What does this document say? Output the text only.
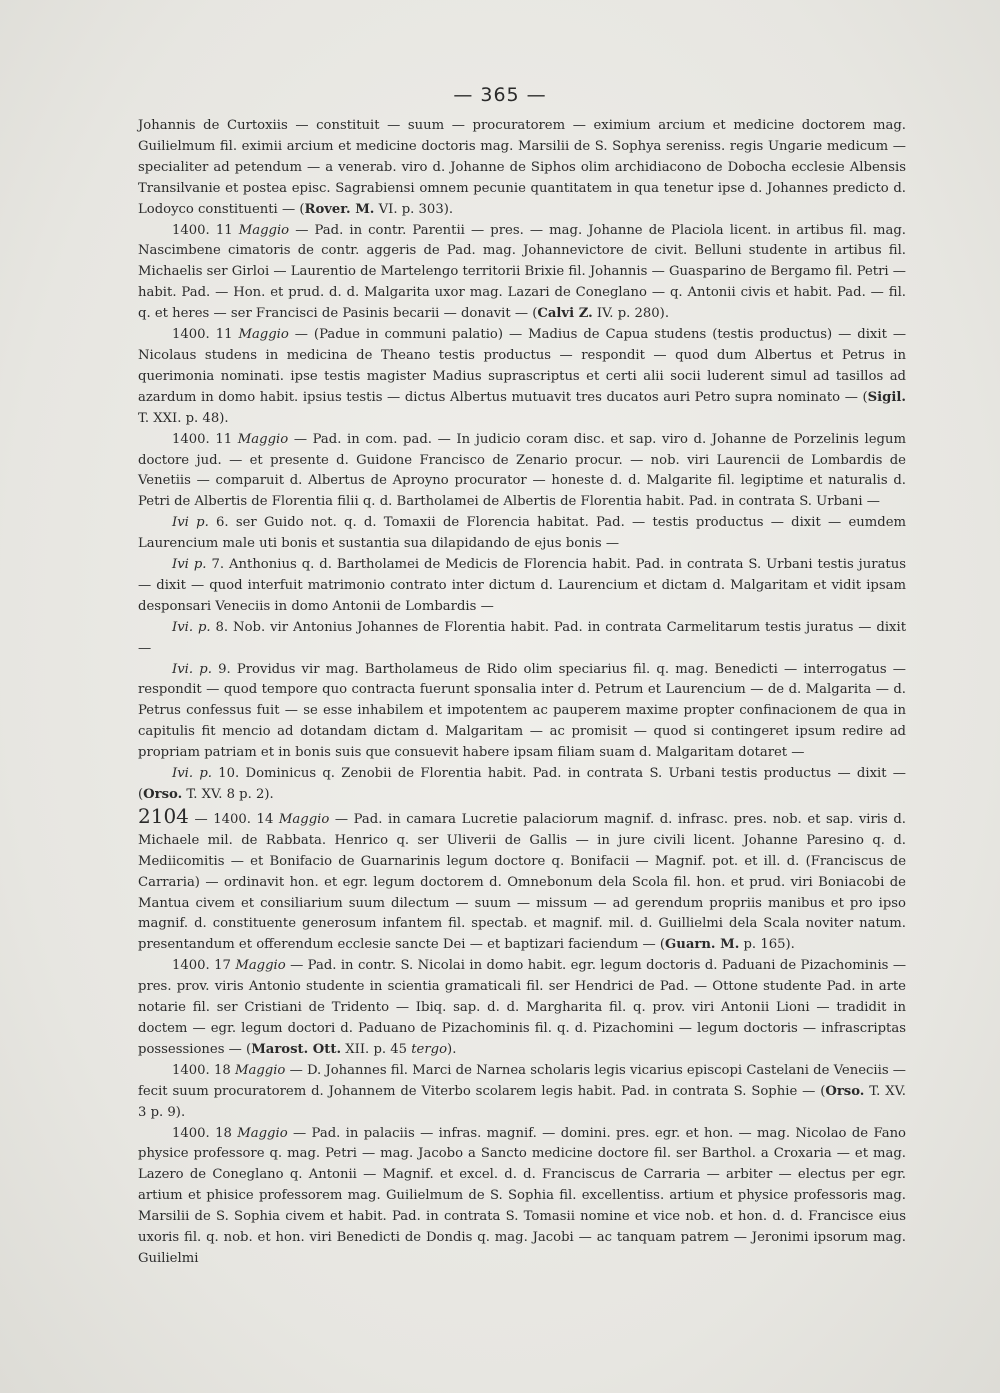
— 365 —

Johannis de Curtoxiis — constituit — suum — procuratorem — eximium arcium et medicine doctorem mag. Guilielmum fil. eximii arcium et medicine doctoris mag. Marsilii de S. Sophya sereniss. regis Ungarie medicum — specialiter ad petendum — a venerab. viro d. Johanne de Siphos olim archidiacono de Dobocha ecclesie Albensis Transilvanie et postea episc. Sagrabiensi omnem pecunie quantitatem in qua tenetur ipse d. Johannes predicto d. Lodoyco constituenti — (Rover. M. VI. p. 303).

1400. 11 Maggio — Pad. in contr. Parentii — pres. — mag. Johanne de Placiola licent. in artibus fil. mag. Nascimbene cimatoris de contr. aggeris de Pad. mag. Johannevictore de civit. Belluni studente in artibus fil. Michaelis ser Girloi — Laurentio de Martelengo territorii Brixie fil. Johannis — Guasparino de Bergamo fil. Petri — habit. Pad. — Hon. et prud. d. d. Malgarita uxor mag. Lazari de Coneglano — q. Antonii civis et habit. Pad. — fil. q. et heres — ser Francisci de Pasinis becarii — donavit — (Calvi Z. IV. p. 280).

1400. 11 Maggio — (Padue in communi palatio) — Madius de Capua studens (testis productus) — dixit — Nicolaus studens in medicina de Theano testis productus — respondit — quod dum Albertus et Petrus in querimonia nominati. ipse testis magister Madius suprascriptus et certi alii socii luderent simul ad tasillos ad azardum in domo habit. ipsius testis — dictus Albertus mutuavit tres ducatos auri Petro supra nominato — (Sigil. T. XXI. p. 48).

1400. 11 Maggio — Pad. in com. pad. — In judicio coram disc. et sap. viro d. Johanne de Porzelinis legum doctore jud. — et presente d. Guidone Francisco de Zenario procur. — nob. viri Laurencii de Lombardis de Venetiis — comparuit d. Albertus de Aproyno procurator — honeste d. d. Malgarite fil. legiptime et naturalis d. Petri de Albertis de Florentia filii q. d. Bartholamei de Albertis de Florentia habit. Pad. in contrata S. Urbani —

Ivi p. 6. ser Guido not. q. d. Tomaxii de Florencia habitat. Pad. — testis productus — dixit — eumdem Laurencium male uti bonis et sustantia sua dilapidando de ejus bonis —

Ivi p. 7. Anthonius q. d. Bartholamei de Medicis de Florencia habit. Pad. in contrata S. Urbani testis juratus — dixit — quod interfuit matrimonio contrato inter dictum d. Laurencium et dictam d. Malgaritam et vidit ipsam desponsari Veneciis in domo Antonii de Lombardis —

Ivi. p. 8. Nob. vir Antonius Johannes de Florentia habit. Pad. in contrata Carmelitarum testis juratus — dixit —

Ivi. p. 9. Providus vir mag. Bartholameus de Rido olim speciarius fil. q. mag. Benedicti — interrogatus — respondit — quod tempore quo contracta fuerunt sponsalia inter d. Petrum et Laurencium — de d. Malgarita — d. Petrus confessus fuit — se esse inhabilem et impotentem ac pauperem maxime propter confinacionem de qua in capitulis fit mencio ad dotandam dictam d. Malgaritam — ac promisit — quod si contingeret ipsum redire ad propriam patriam et in bonis suis que consuevit habere ipsam filiam suam d. Malgaritam dotaret —

Ivi. p. 10. Dominicus q. Zenobii de Florentia habit. Pad. in contrata S. Urbani testis productus — dixit — (Orso. T. XV. 8 p. 2).

2104 — 1400. 14 Maggio — Pad. in camara Lucretie palaciorum magnif. d. infrasc. pres. nob. et sap. viris d. Michaele mil. de Rabbata. Henrico q. ser Uliverii de Gallis — in jure civili licent. Johanne Paresino q. d. Mediicomitis — et Bonifacio de Guarnarinis legum doctore q. Bonifacii — Magnif. pot. et ill. d. (Franciscus de Carraria) — ordinavit hon. et egr. legum doctorem d. Omnebonum dela Scola fil. hon. et prud. viri Boniacobi de Mantua civem et consiliarium suum dilectum — suum — missum — ad gerendum propriis manibus et pro ipso magnif. d. constituente generosum infantem fil. spectab. et magnif. mil. d. Guillielmi dela Scala noviter natum. presentandum et offerendum ecclesie sancte Dei — et baptizari faciendum — (Guarn. M. p. 165).

1400. 17 Maggio — Pad. in contr. S. Nicolai in domo habit. egr. legum doctoris d. Paduani de Pizachominis — pres. prov. viris Antonio studente in scientia gramaticali fil. ser Hendrici de Pad. — Ottone studente Pad. in arte notarie fil. ser Cristiani de Tridento — Ibiq. sap. d. d. Margharita fil. q. prov. viri Antonii Lioni — tradidit in doctem — egr. legum doctori d. Paduano de Pizachominis fil. q. d. Pizachomini — legum doctoris — infrascriptas possessiones — (Marost. Ott. XII. p. 45 tergo).

1400. 18 Maggio — D. Johannes fil. Marci de Narnea scholaris legis vicarius episcopi Castelani de Veneciis — fecit suum procuratorem d. Johannem de Viterbo scolarem legis habit. Pad. in contrata S. Sophie — (Orso. T. XV. 3 p. 9).

1400. 18 Maggio — Pad. in palaciis — infras. magnif. — domini. pres. egr. et hon. — mag. Nicolao de Fano physice professore q. mag. Petri — mag. Jacobo a Sancto medicine doctore fil. ser Barthol. a Croxaria — et mag. Lazero de Coneglano q. Antonii — Magnif. et excel. d. d. Franciscus de Carraria — arbiter — electus per egr. artium et phisice professorem mag. Guilielmum de S. Sophia fil. excellentiss. artium et physice professoris mag. Marsilii de S. Sophia civem et habit. Pad. in contrata S. Tomasii nomine et vice nob. et hon. d. d. Francisce eius uxoris fil. q. nob. et hon. viri Benedicti de Dondis q. mag. Jacobi — ac tanquam patrem — Jeronimi ipsorum mag. Guilielmi
